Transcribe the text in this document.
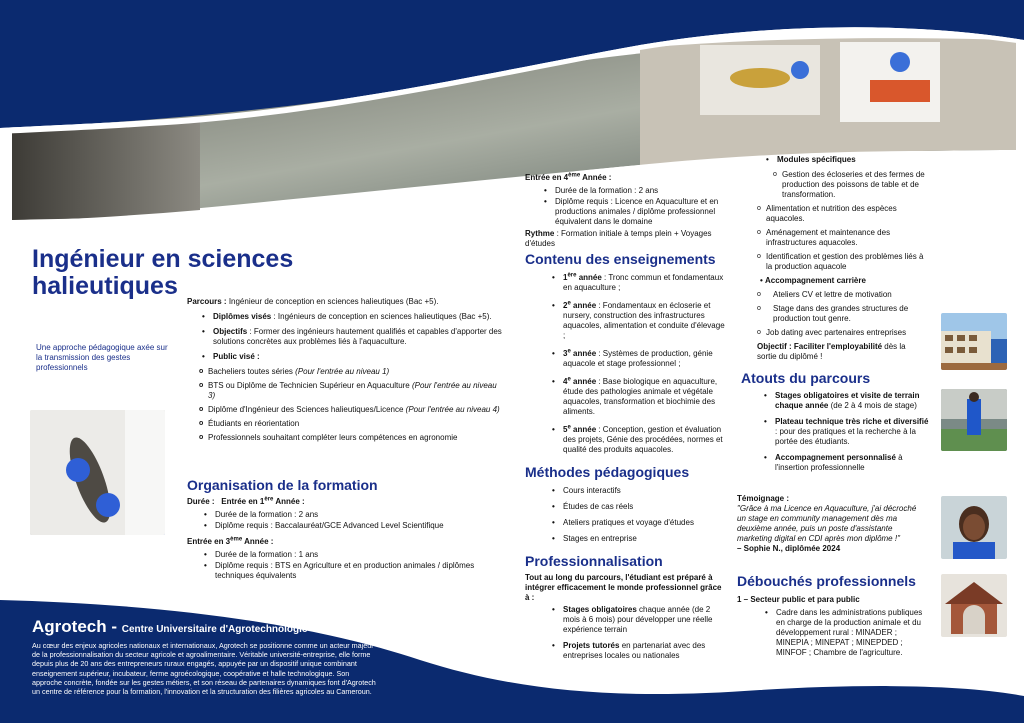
Ingénieur en sciences halieutiques
Une approche pédagogique axée sur la transmission des gestes professionnels
Parcours : Ingénieur de conception en sciences halieutiques (Bac +5).
• Diplômes visés : Ingénieurs de conception en sciences halieutiques (Bac +5).
• Objectifs : Former des ingénieurs hautement qualifiés et capables d'apporter des solutions concrètes aux problèmes liés à l'aquaculture.
• Public visé :
o Bacheliers toutes séries (Pour l'entrée au niveau 1)
o BTS ou Diplôme de Technicien Supérieur en Aquaculture (Pour l'entrée au niveau 3)
o Diplôme d'Ingénieur des Sciences halieutiques/Licence (Pour l'entrée au niveau 4)
o Étudiants en réorientation
o Professionnels souhaitant compléter leurs compétences en agronomie
Organisation de la formation
Durée : Entrée en 1ère Année :
• Durée de la formation : 2 ans
• Diplôme requis : Baccalauréat/GCE Advanced Level Scientifique
Entrée en 3ème Année :
• Durée de la formation : 1 ans
• Diplôme requis : BTS en Agriculture et en production animales / diplômes techniques équivalents
Agrotech - Centre Universitaire d'Agrotechnologie
Au cœur des enjeux agricoles nationaux et internationaux, Agrotech se positionne comme un acteur majeur de la professionnalisation du secteur agricole et agroalimentaire. Véritable université-entreprise, elle forme depuis plus de 20 ans des entrepreneurs ruraux engagés, appuyée par un dispositif unique combinant enseignement supérieur, incubateur, ferme agroécologique, coopérative et halle technologique. Son approche concrète, fondée sur les gestes métiers, et son réseau de partenaires dynamiques font d'Agrotech un centre de référence pour la formation, l'innovation et la structuration des filières agricoles au Cameroun.
Entrée en 4ème Année :
• Durée de la formation : 2 ans
• Diplôme requis : Licence en Aquaculture et en productions animales / diplôme professionnel équivalent dans le domaine
Rythme : Formation initiale à temps plein + Voyages d'études
Contenu des enseignements
• 1ère année : Tronc commun et fondamentaux en aquaculture ;
• 2e année : Fondamentaux en écloserie et nursery, construction des infrastructures aquacoles, alimentation et conduite d'élevage ;
• 3e année : Systèmes de production, génie aquacole et stage professionnel ;
• 4e année : Base biologique en aquaculture, étude des pathologies animale et végétale aquacoles, transformation et biochimie des aliments.
• 5e année : Conception, gestion et évaluation des projets, Génie des procédées, normes et qualité des produits aquacoles.
Méthodes pédagogiques
• Cours interactifs
• Études de cas réels
• Ateliers pratiques et voyage d'études
• Stages en entreprise
Professionnalisation
Tout au long du parcours, l'étudiant est préparé à intégrer efficacement le monde professionnel grâce à :
• Stages obligatoires chaque année (de 2 mois à 6 mois) pour développer une réelle expérience terrain
• Projets tutorés en partenariat avec des entreprises locales ou nationales
• Modules spécifiques
o Gestion des écloseries et des fermes de production des poissons de table et de transformation.
o Alimentation et nutrition des espèces aquacoles.
o Aménagement et maintenance des infrastructures aquacoles.
o Identification et gestion des problèmes liés à la production aquacole
• Accompagnement carrière
o Ateliers CV et lettre de motivation
o Stage dans des grandes structures de production tout genre.
o Job dating avec partenaires entreprises
Objectif : Faciliter l'employabilité dès la sortie du diplômé !
Atouts du parcours
• Stages obligatoires et visite de terrain chaque année (de 2 à 4 mois de stage)
• Plateau technique très riche et diversifié : pour des pratiques et la recherche à la portée des étudiants.
• Accompagnement personnalisé à l'insertion professionnelle
Témoignage :
"Grâce à ma Licence en Aquaculture, j'ai décroché un stage en community management dès ma deuxième année, puis un poste d'assistante marketing digital en CDI après mon diplôme !"
– Sophie N., diplômée 2024
Débouchés professionnels
1 – Secteur public et para public
• Cadre dans les administrations publiques en charge de la production animale et du développement rural : MINADER ; MINEPIA ; MINEPAT ; MINEPDED ; MINFOF ; Chambre de l'agriculture.
